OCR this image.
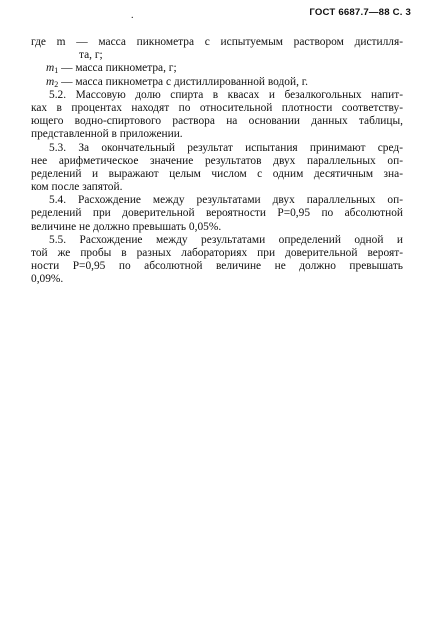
.	ГОСТ 6687.7—88 С. 3
где m — масса пикнометра с испытуемым раствором дистилля-
та, г;
$m_1$ — масса пикнометра, г;
$m_2$ — масса пикнометра с дистиллированной водой, г.
5.2. Массовую долю спирта в квасах и безалкогольных напит-
ках в процентах находят по относительной плотности соответству-
ющего водно-спиртового раствора на основании данных таблицы,
представленной в приложении.
5.3. За окончательный результат испытания принимают сред-
нее арифметическое значение результатов двух параллельных оп-
ределений и выражают целым числом с одним десятичным зна-
ком после запятой.
5.4. Расхождение между результатами двух параллельных оп-
ределений при доверительной вероятности P=0,95 по абсолютной
величине не должно превышать 0,05%.
5.5. Расхождение между результатами определений одной и
той же пробы в разных лабораториях при доверительной вероят-
ности P=0,95 по абсолютной величине не должно превышать
0,09%.
